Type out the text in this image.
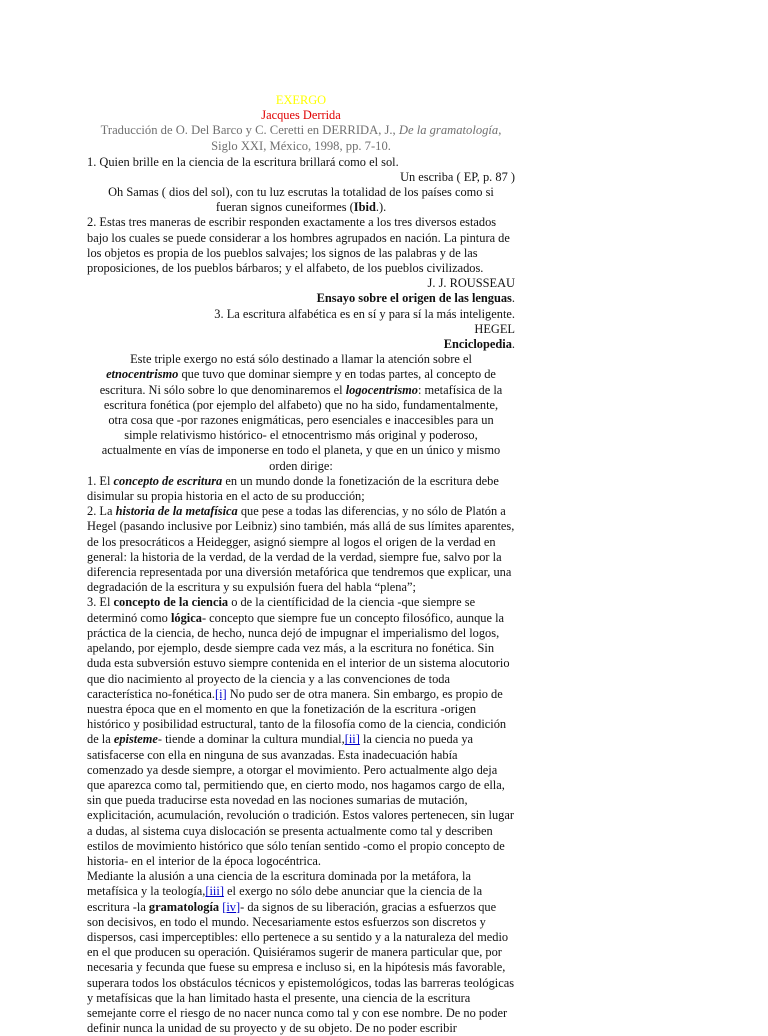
EXERGO

Jacques Derrida

Traducción de O. Del Barco y C. Ceretti en DERRIDA, J., De la gramatología, Siglo XXI, México, 1998, pp. 7-10.

1. Quien brille en la ciencia de la escritura brillará como el sol.

Un escriba ( EP, p. 87 )

Oh Samas ( dios del sol), con tu luz escrutas la totalidad de los países como si fueran signos cuneiformes (Ibid.).

2. Estas tres maneras de escribir responden exactamente a los tres diversos estados bajo los cuales se puede considerar a los hombres agrupados en nación. La pintura de los objetos es propia de los pueblos salvajes; los signos de las palabras y de las proposiciones, de los pueblos bárbaros; y el alfabeto, de los pueblos civilizados.

J. J. ROUSSEAU

Ensayo sobre el origen de las lenguas.

3. La escritura alfabética es en sí y para sí la más inteligente.

HEGEL

Enciclopedia.

Este triple exergo no está sólo destinado a llamar la atención sobre el etnocentrismo que tuvo que dominar siempre y en todas partes, al concepto de escritura. Ni sólo sobre lo que denominaremos el logocentrismo: metafísica de la escritura fonética (por ejemplo del alfabeto) que no ha sido, fundamentalmente, otra cosa que -por razones enigmáticas, pero esenciales e inaccesibles para un simple relativismo histórico- el etnocentrismo más original y poderoso, actualmente en vías de imponerse en todo el planeta, y que en un único y mismo orden dirige:

1. El concepto de escritura en un mundo donde la fonetización de la escritura debe disimular su propia historia en el acto de su producción;

2. La historia de la metafísica que pese a todas las diferencias, y no sólo de Platón a Hegel (pasando inclusive por Leibniz) sino también, más allá de sus límites aparentes, de los presocráticos a Heidegger, asignó siempre al logos el origen de la verdad en general: la historia de la verdad, de la verdad de la verdad, siempre fue, salvo por la diferencia representada por una diversión metafórica que tendremos que explicar, una degradación de la escritura y su expulsión fuera del habla “plena”;

3. El concepto de la ciencia o de la científicidad de la ciencia -que siempre se determinó como lógica- concepto que siempre fue un concepto filosófico, aunque la práctica de la ciencia, de hecho, nunca dejó de impugnar el imperialismo del logos, apelando, por ejemplo, desde siempre cada vez más, a la escritura no fonética. Sin duda esta subversión estuvo siempre contenida en el interior de un sistema alocutorio que dio nacimiento al proyecto de la ciencia y a las convenciones de toda característica no-fonética.[i] No pudo ser de otra manera. Sin embargo, es propio de nuestra época que en el momento en que la fonetización de la escritura -origen histórico y posibilidad estructural, tanto de la filosofía como de la ciencia, condición de la episteme- tiende a dominar la cultura mundial,[ii] la ciencia no pueda ya satisfacerse con ella en ninguna de sus avanzadas. Esta inadecuación había comenzado ya desde siempre, a otorgar el movimiento. Pero actualmente algo deja que aparezca como tal, permitiendo que, en cierto modo, nos hagamos cargo de ella, sin que pueda traducirse esta novedad en las nociones sumarias de mutación, explicitación, acumulación, revolución o tradición. Estos valores pertenecen, sin lugar a dudas, al sistema cuya dislocación se presenta actualmente como tal y describen estilos de movimiento histórico que sólo tenían sentido -como el propio concepto de historia- en el interior de la época logocéntrica.

Mediante la alusión a una ciencia de la escritura dominada por la metáfora, la metafísica y la teología,[iii] el exergo no sólo debe anunciar que la ciencia de la escritura -la gramatología [iv]- da signos de su liberación, gracias a esfuerzos que son decisivos, en todo el mundo. Necesariamente estos esfuerzos son discretos y dispersos, casi imperceptibles: ello pertenece a su sentido y a la naturaleza del medio en el que producen su operación. Quisiéramos sugerir de manera particular que, por necesaria y fecunda que fuese su empresa e incluso si, en la hipótesis más favorable, superara todos los obstáculos técnicos y epistemológicos, todas las barreras teológicas y metafísicas que la han limitado hasta el presente, una ciencia de la escritura semejante corre el riesgo de no nacer nunca como tal y con ese nombre. De no poder definir nunca la unidad de su proyecto y de su objeto. De no poder escribir
